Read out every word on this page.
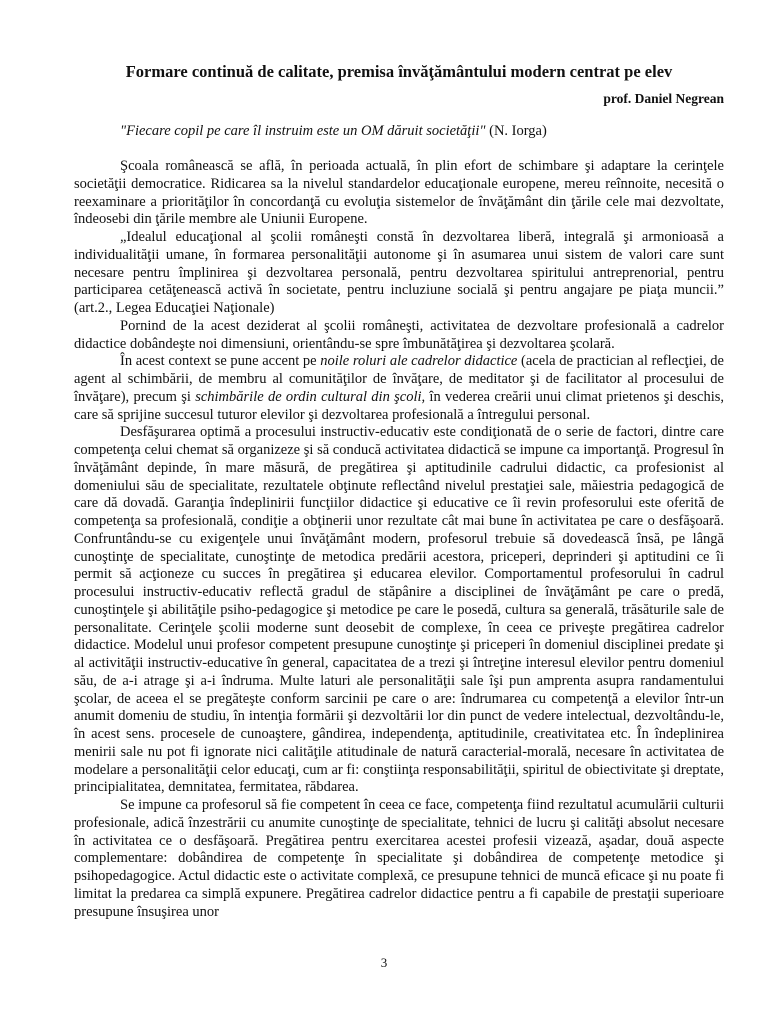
Formare continuă de calitate, premisa învăţământului modern centrat pe elev
prof. Daniel Negrean
"Fiecare copil pe care îl instruim este un OM dăruit societăţii" (N. Iorga)

Şcoala românească se află, în perioada actuală, în plin efort de schimbare şi adaptare la cerinţele societăţii democratice. Ridicarea sa la nivelul standardelor educaţionale europene, mereu reînnoite, necesită o reexaminare a priorităţilor în concordanţă cu evoluţia sistemelor de învăţământ din ţările cele mai dezvoltate, îndeosebi din ţările membre ale Uniunii Europene.

„Idealul educaţional al şcolii româneşti constă în dezvoltarea liberă, integrală şi armonioasă a individualităţii umane, în formarea personalităţii autonome şi în asumarea unui sistem de valori care sunt necesare pentru împlinirea şi dezvoltarea personală, pentru dezvoltarea spiritului antreprenorial, pentru participarea cetăţenească activă în societate, pentru incluziune socială şi pentru angajare pe piaţa muncii.” (art.2., Legea Educaţiei Naţionale)

Pornind de la acest deziderat al şcolii româneşti, activitatea de dezvoltare profesională a cadrelor didactice dobândeşte noi dimensiuni, orientându-se spre îmbunătăţirea şi dezvoltarea şcolară.

În acest context se pune accent pe noile roluri ale cadrelor didactice (acela de practician al reflecţiei, de agent al schimbării, de membru al comunităţilor de învăţare, de meditator şi de facilitator al procesului de învăţare), precum şi schimbările de ordin cultural din şcoli, în vederea creării unui climat prietenos şi deschis, care să sprijine succesul tuturor elevilor şi dezvoltarea profesională a întregului personal.

Desfăşurarea optimă a procesului instructiv-educativ este condiţionată de o serie de factori, dintre care competenţa celui chemat să organizeze şi să conducă activitatea didactică se impune ca importanţă. Progresul în învăţământ depinde, în mare măsură, de pregătirea şi aptitudinile cadrului didactic, ca profesionist al domeniului său de specialitate, rezultatele obţinute reflectând nivelul prestaţiei sale, măiestria pedagogică de care dă dovadă. Garanţia îndeplinirii funcţiilor didactice şi educative ce îi revin profesorului este oferită de competenţa sa profesională, condiţie a obţinerii unor rezultate cât mai bune în activitatea pe care o desfăşoară. Confruntându-se cu exigenţele unui învăţământ modern, profesorul trebuie să dovedească însă, pe lângă cunoştinţe de specialitate, cunoştinţe de metodica predării acestora, priceperi, deprinderi şi aptitudini ce îi permit să acţioneze cu succes în pregătirea şi educarea elevilor. Comportamentul profesorului în cadrul procesului instructiv-educativ reflectă gradul de stăpânire a disciplinei de învăţământ pe care o predă, cunoştinţele şi abilităţile psiho-pedagogice şi metodice pe care le posedă, cultura sa generală, trăsăturile sale de personalitate. Cerinţele şcolii moderne sunt deosebit de complexe, în ceea ce priveşte pregătirea cadrelor didactice. Modelul unui profesor competent presupune cunoştinţe şi priceperi în domeniul disciplinei predate şi al activităţii instructiv-educative în general, capacitatea de a trezi şi întreţine interesul elevilor pentru domeniul său, de a-i atrage şi a-i îndruma. Multe laturi ale personalităţii sale îşi pun amprenta asupra randamentului şcolar, de aceea el se pregăteşte conform sarcinii pe care o are: îndrumarea cu competenţă a elevilor într-un anumit domeniu de studiu, în intenţia formării şi dezvoltării lor din punct de vedere intelectual, dezvoltându-le, în acest sens. procesele de cunoaştere, gândirea, independenţa, aptitudinile, creativitatea etc. În îndeplinirea menirii sale nu pot fi ignorate nici calităţile atitudinale de natură caracterial-morală, necesare în activitatea de modelare a personalităţii celor educaţi, cum ar fi: conştiinţa responsabilităţii, spiritul de obiectivitate şi dreptate, principialitatea, demnitatea, fermitatea, răbdarea.

Se impune ca profesorul să fie competent în ceea ce face, competenţa fiind rezultatul acumulării culturii profesionale, adică înzestrării cu anumite cunoştinţe de specialitate, tehnici de lucru şi calităţi absolut necesare în activitatea ce o desfăşoară. Pregătirea pentru exercitarea acestei profesii vizează, aşadar, două aspecte complementare: dobândirea de competenţe în specialitate şi dobândirea de competenţe metodice şi psihopedagogice. Actul didactic este o activitate complexă, ce presupune tehnici de muncă eficace şi nu poate fi limitat la predarea ca simplă expunere. Pregătirea cadrelor didactice pentru a fi capabile de prestaţii superioare presupune însuşirea unor

3
